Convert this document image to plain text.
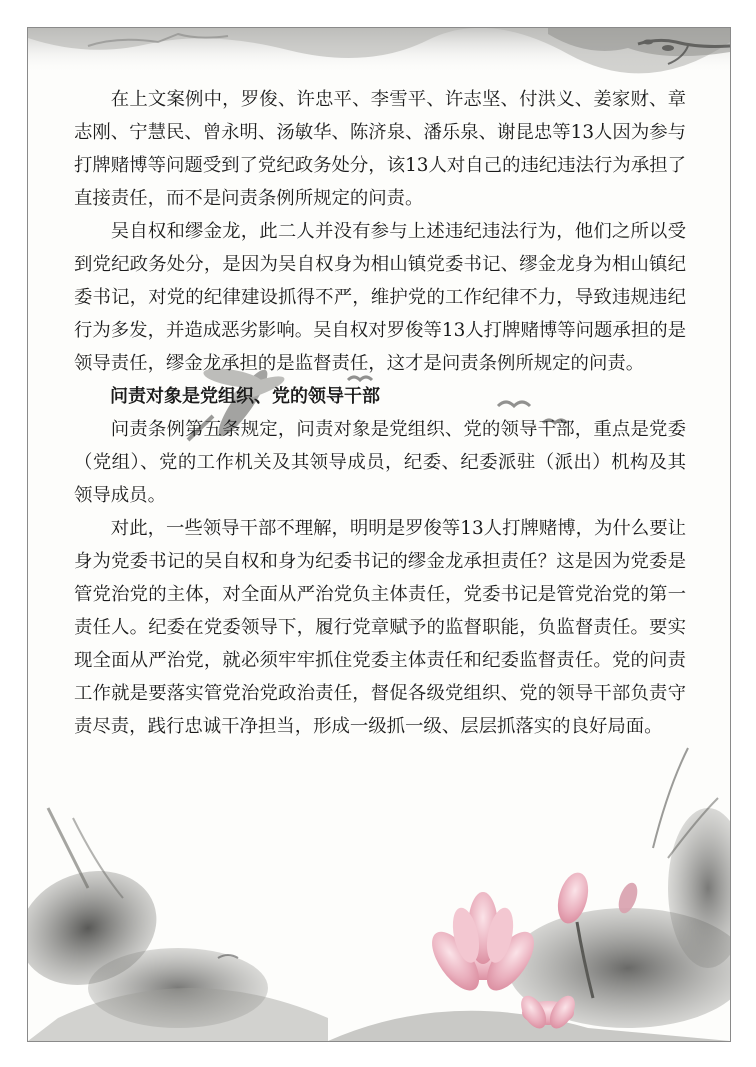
在上文案例中，罗俊、许忠平、李雪平、许志坚、付洪义、姜家财、章志刚、宁慧民、曾永明、汤敏华、陈济泉、潘乐泉、谢昆忠等13人因为参与打牌赌博等问题受到了党纪政务处分，该13人对自己的违纪违法行为承担了直接责任，而不是问责条例所规定的问责。

吴自权和缪金龙，此二人并没有参与上述违纪违法行为，他们之所以受到党纪政务处分，是因为吴自权身为相山镇党委书记、缪金龙身为相山镇纪委书记，对党的纪律建设抓得不严，维护党的工作纪律不力，导致违规违纪行为多发，并造成恶劣影响。吴自权对罗俊等13人打牌赌博等问题承担的是领导责任，缪金龙承担的是监督责任，这才是问责条例所规定的问责。

问责对象是党组织、党的领导干部

问责条例第五条规定，问责对象是党组织、党的领导干部，重点是党委（党组）、党的工作机关及其领导成员，纪委、纪委派驻（派出）机构及其领导成员。

对此，一些领导干部不理解，明明是罗俊等13人打牌赌博，为什么要让身为党委书记的吴自权和身为纪委书记的缪金龙承担责任？这是因为党委是管党治党的主体，对全面从严治党负主体责任，党委书记是管党治党的第一责任人。纪委在党委领导下，履行党章赋予的监督职能，负监督责任。要实现全面从严治党，就必须牢牢抓住党委主体责任和纪委监督责任。党的问责工作就是要落实管党治党政治责任，督促各级党组织、党的领导干部负责守责尽责，践行忠诚干净担当，形成一级抓一级、层层抓落实的良好局面。
